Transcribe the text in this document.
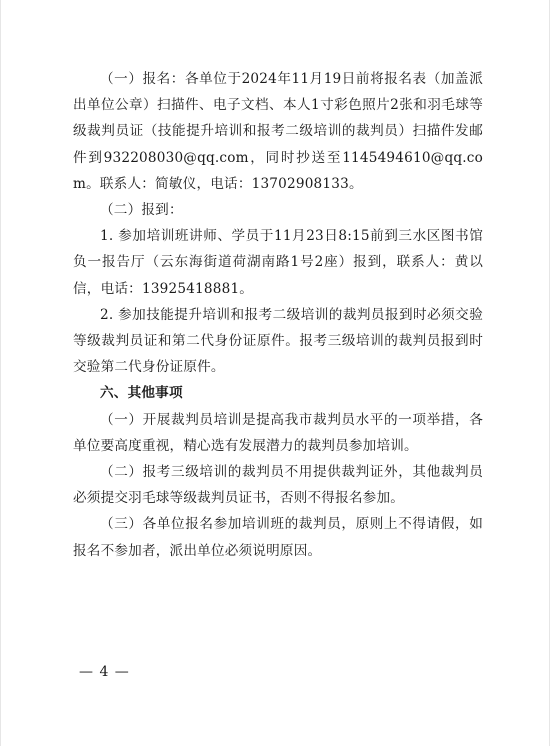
（一）报名：各单位于2024年11月19日前将报名表（加盖派出单位公章）扫描件、电子文档、本人1寸彩色照片2张和羽毛球等级裁判员证（技能提升培训和报考二级培训的裁判员）扫描件发邮件到932208030@qq.com，同时抄送至1145494610@qq.com。联系人：简敏仪，电话：13702908133。

（二）报到：

1. 参加培训班讲师、学员于11月23日8:15前到三水区图书馆负一报告厅（云东海街道荷湖南路1号2座）报到，联系人：黄以信，电话：13925418881。

2. 参加技能提升培训和报考二级培训的裁判员报到时必须交验等级裁判员证和第二代身份证原件。报考三级培训的裁判员报到时交验第二代身份证原件。

六、其他事项

（一）开展裁判员培训是提高我市裁判员水平的一项举措，各单位要高度重视，精心选有发展潜力的裁判员参加培训。

（二）报考三级培训的裁判员不用提供裁判证外，其他裁判员必须提交羽毛球等级裁判员证书，否则不得报名参加。

（三）各单位报名参加培训班的裁判员，原则上不得请假，如报名不参加者，派出单位必须说明原因。

— 4 —
